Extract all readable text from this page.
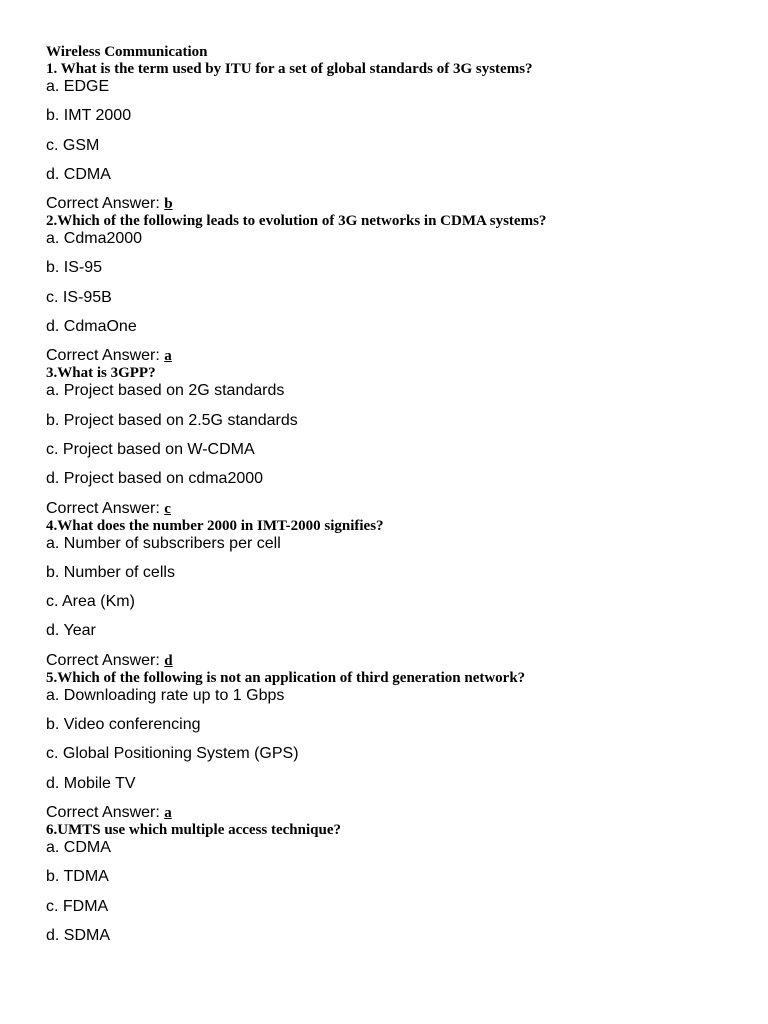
Wireless Communication
1. What is the term used by ITU for a set of global standards of 3G systems?
a. EDGE
b. IMT 2000
c. GSM
d. CDMA
Correct Answer: b
2.Which of the following leads to evolution of 3G networks in CDMA systems?
a. Cdma2000
b. IS-95
c. IS-95B
d. CdmaOne
Correct Answer: a
3.What is 3GPP?
a. Project based on 2G standards
b. Project based on 2.5G standards
c. Project based on W-CDMA
d. Project based on cdma2000
Correct Answer: c
4.What does the number 2000 in IMT-2000 signifies?
a. Number of subscribers per cell
b. Number of cells
c. Area (Km)
d. Year
Correct Answer: d
5.Which of the following is not an application of third generation network?
a. Downloading rate up to 1 Gbps
b. Video conferencing
c. Global Positioning System (GPS)
d. Mobile TV
Correct Answer: a
6.UMTS use which multiple access technique?
a. CDMA
b. TDMA
c. FDMA
d. SDMA
